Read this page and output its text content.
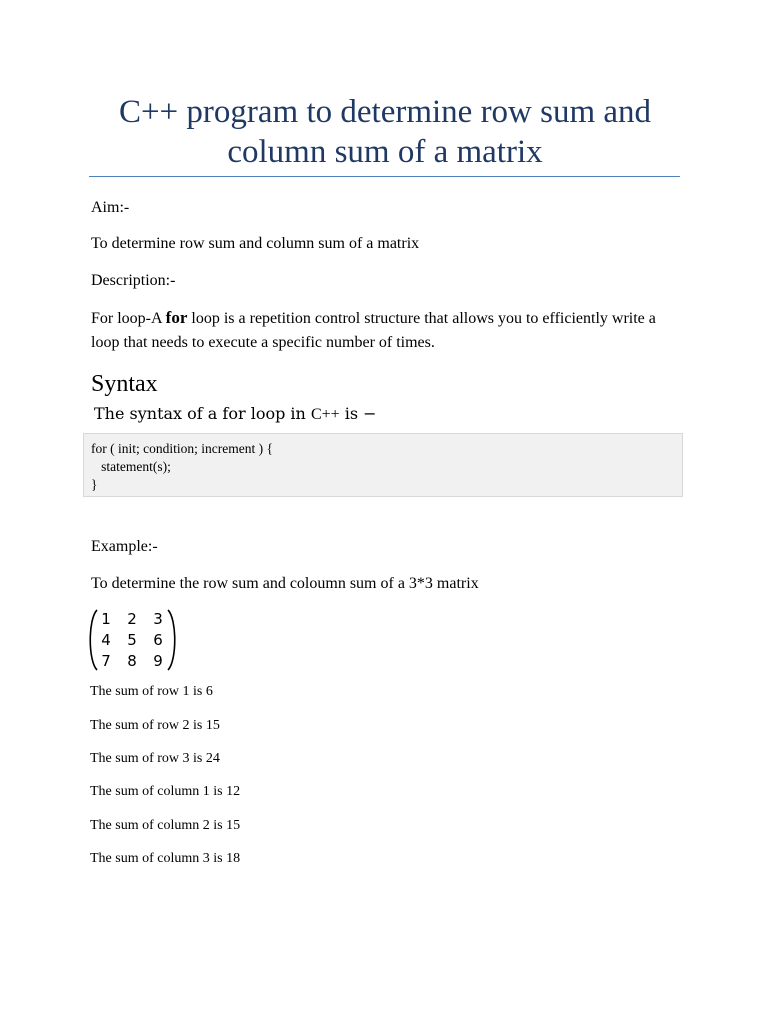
C++ program to determine row sum and column sum of a matrix

Aim:-

To determine row sum and column sum of a matrix

Description:-

For loop-A for loop is a repetition control structure that allows you to efficiently write a loop that needs to execute a specific number of times.

Syntax
The syntax of a for loop in C++ is −
for ( init; condition; increment ) {
statement(s);
}

Example:-

To determine the row sum and coloumn sum of a 3*3 matrix

1 2 3
4 5 6
7 8 9

The sum of row 1 is 6

The sum of row 2 is 15

The sum of row 3 is 24

The sum of column 1 is 12

The sum of column 2 is 15

The sum of column 3 is 18
